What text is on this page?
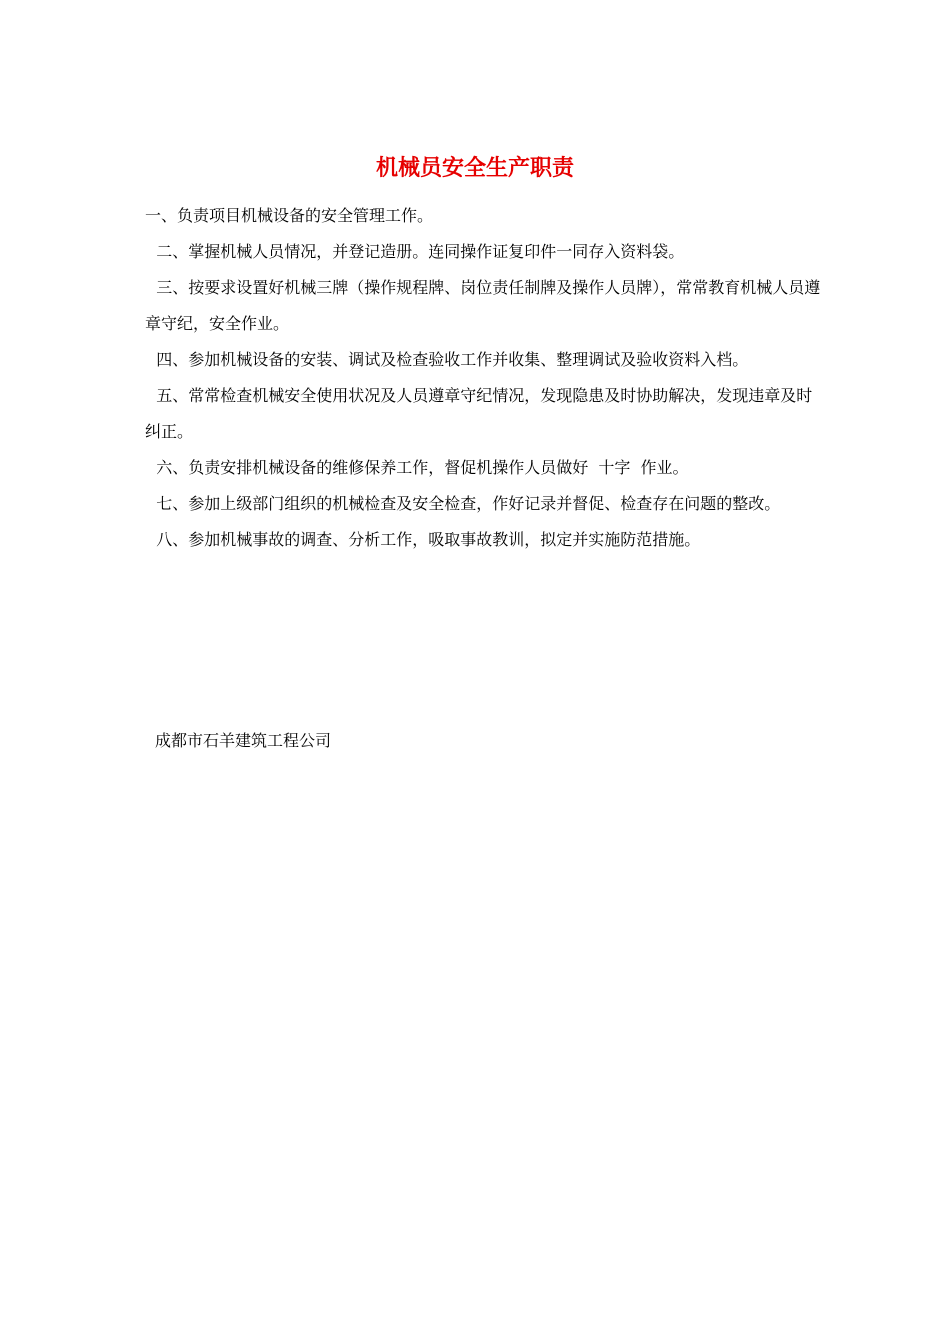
机械员安全生产职责

一、负责项目机械设备的安全管理工作。

二、掌握机械人员情况，并登记造册。连同操作证复印件一同存入资料袋。

三、按要求设置好机械三牌（操作规程牌、岗位责任制牌及操作人员牌），常常教育机械人员遵章守纪，安全作业。

四、参加机械设备的安装、调试及检查验收工作并收集、整理调试及验收资料入档。

五、常常检查机械安全使用状况及人员遵章守纪情况，发现隐患及时协助解决，发现违章及时纠正。

六、负责安排机械设备的维修保养工作，督促机操作人员做好  十字  作业。

七、参加上级部门组织的机械检查及安全检查，作好记录并督促、检查存在问题的整改。

八、参加机械事故的调查、分析工作，吸取事故教训，拟定并实施防范措施。

成都市石羊建筑工程公司
